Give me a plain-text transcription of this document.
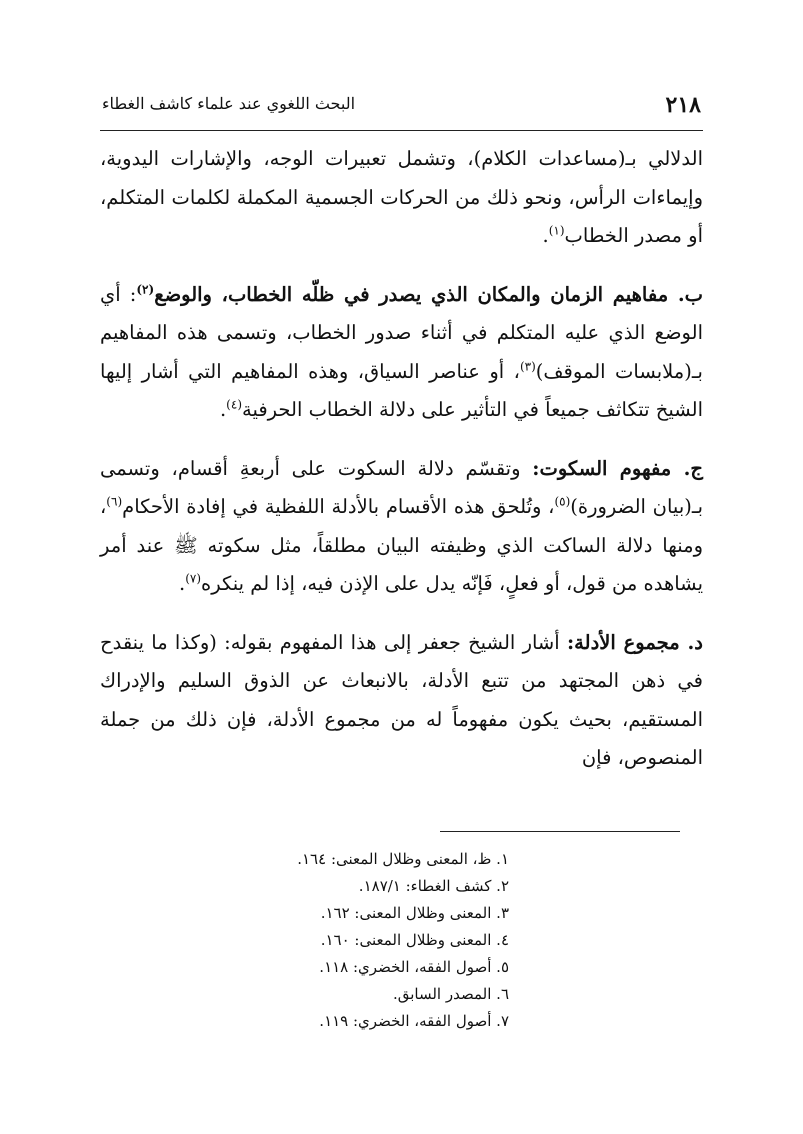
٢١٨
البحث اللغوي عند علماء كاشف الغطاء

الدلالي بـ(مساعدات الكلام)، وتشمل تعبيرات الوجه، والإشارات اليدوية، وإيماءات الرأس، ونحو ذلك من الحركات الجسمية المكملة لكلمات المتكلم، أو مصدر الخطاب$^{(١)}$.

ب. مفاهيم الزمان والمكان الذي يصدر في ظلّه الخطاب، والوضع$^{(٢)}$: أي الوضع الذي عليه المتكلم في أثناء صدور الخطاب، وتسمى هذه المفاهيم بـ(ملابسات الموقف)$^{(٣)}$، أو عناصر السياق، وهذه المفاهيم التي أشار إليها الشيخ تتكاثف جميعاً في التأثير على دلالة الخطاب الحرفية$^{(٤)}$.

ج. مفهوم السكوت: وتقسّم دلالة السكوت على أربعةِ أقسام، وتسمى بـ(بيان الضرورة)$^{(٥)}$، وتُلحق هذه الأقسام بالأدلة اللفظية في إفادة الأحكام$^{(٦)}$، ومنها دلالة الساكت الذي وظيفته البيان مطلقاً، مثل سكوته ﷺ عند أمر يشاهده من قول، أو فعلٍ، فَإنّه يدل على الإذن فيه، إذا لم ينكره$^{(٧)}$.

د. مجموع الأدلة: أشار الشيخ جعفر إلى هذا المفهوم بقوله: (وكذا ما ينقدح في ذهن المجتهد من تتبع الأدلة، بالانبعاث عن الذوق السليم والإدراك المستقيم، بحيث يكون مفهوماً له من مجموع الأدلة، فإن ذلك من جملة المنصوص، فإن

١. ظ، المعنى وظلال المعنى: ١٦٤.
٢. كشف الغطاء: ١٨٧/١.
٣. المعنى وظلال المعنى: ١٦٢.
٤. المعنى وظلال المعنى: ١٦٠.
٥. أصول الفقه، الخضري: ١١٨.
٦. المصدر السابق.
٧. أصول الفقه، الخضري: ١١٩.
